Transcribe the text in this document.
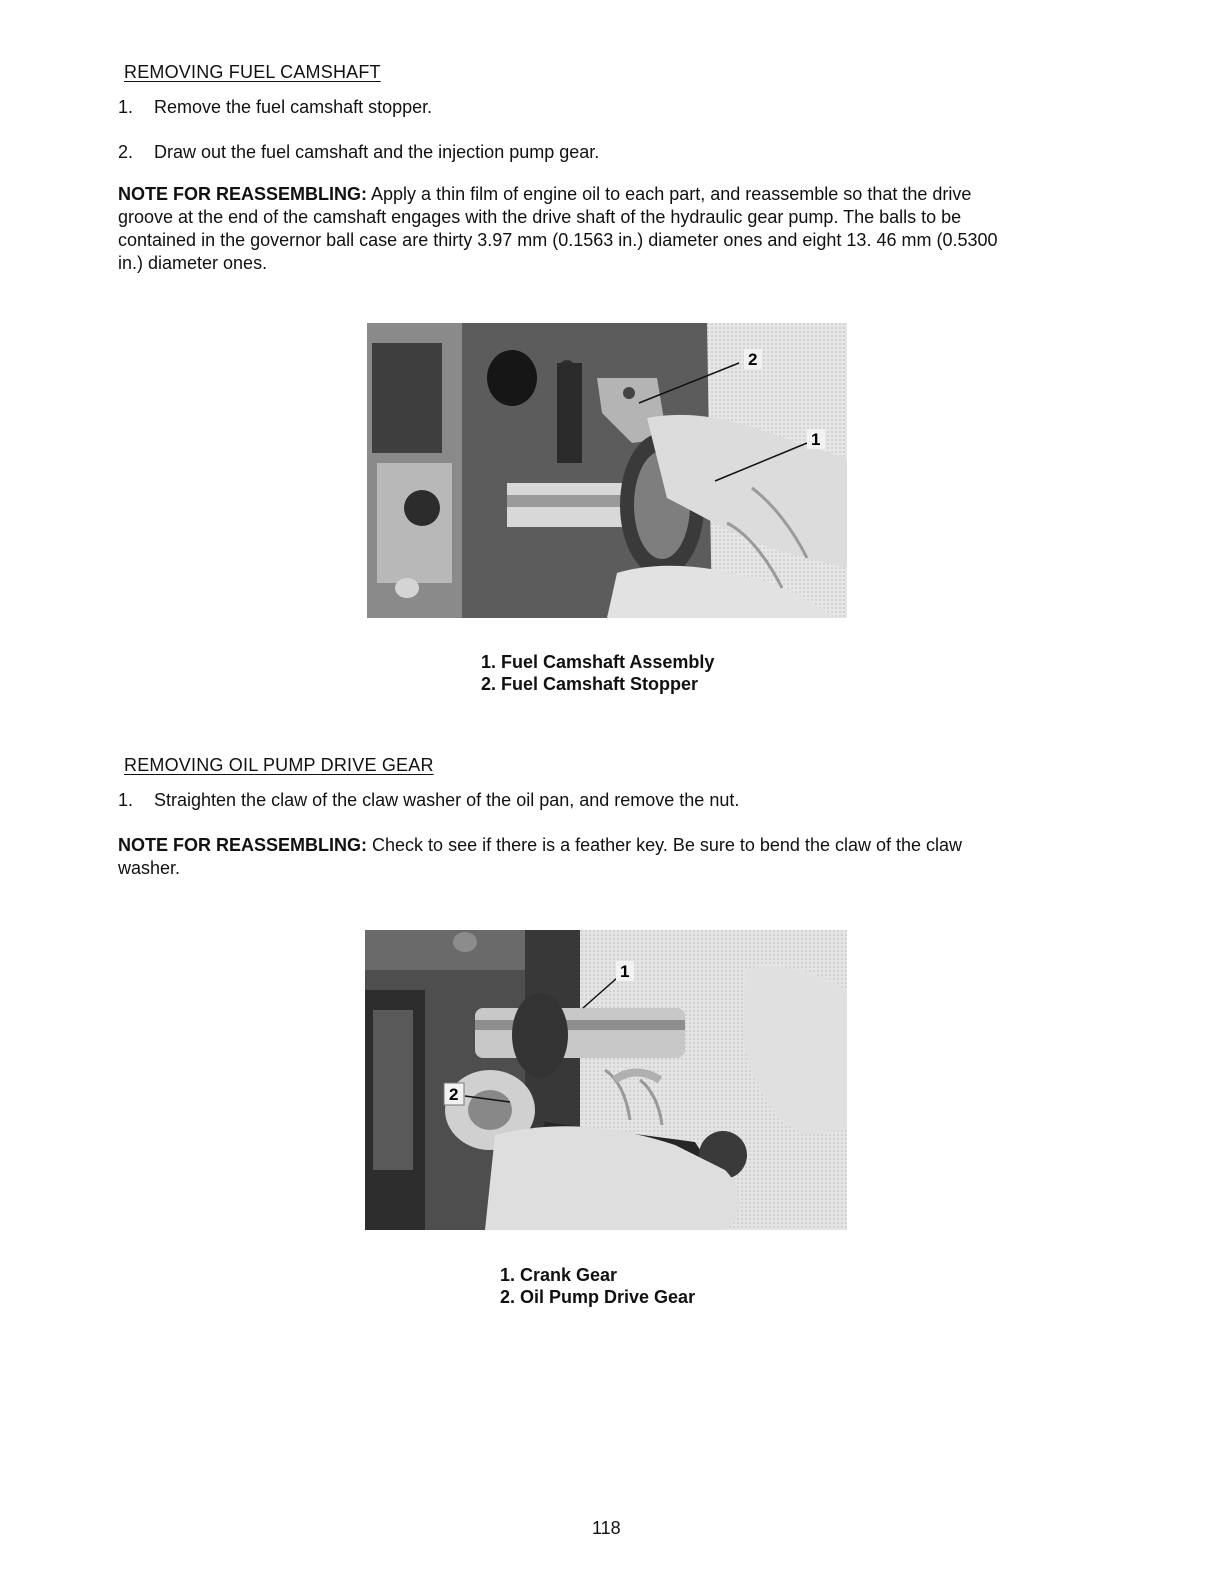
REMOVING FUEL CAMSHAFT
1. Remove the fuel camshaft stopper.
2. Draw out the fuel camshaft and the injection pump gear.
NOTE FOR REASSEMBLING: Apply a thin film of engine oil to each part, and reassemble so that the drive groove at the end of the camshaft engages with the drive shaft of the hydraulic gear pump. The balls to be contained in the governor ball case are thirty 3.97 mm (0.1563 in.) diameter ones and eight 13. 46 mm (0.5300 in.) diameter ones.
2
1
1. Fuel Camshaft Assembly
2. Fuel Camshaft Stopper
REMOVING OIL PUMP DRIVE GEAR
1. Straighten the claw of the claw washer of the oil pan, and remove the nut.
NOTE FOR REASSEMBLING: Check to see if there is a feather key. Be sure to bend the claw of the claw washer.
1
2
1. Crank Gear
2. Oil Pump Drive Gear
118
